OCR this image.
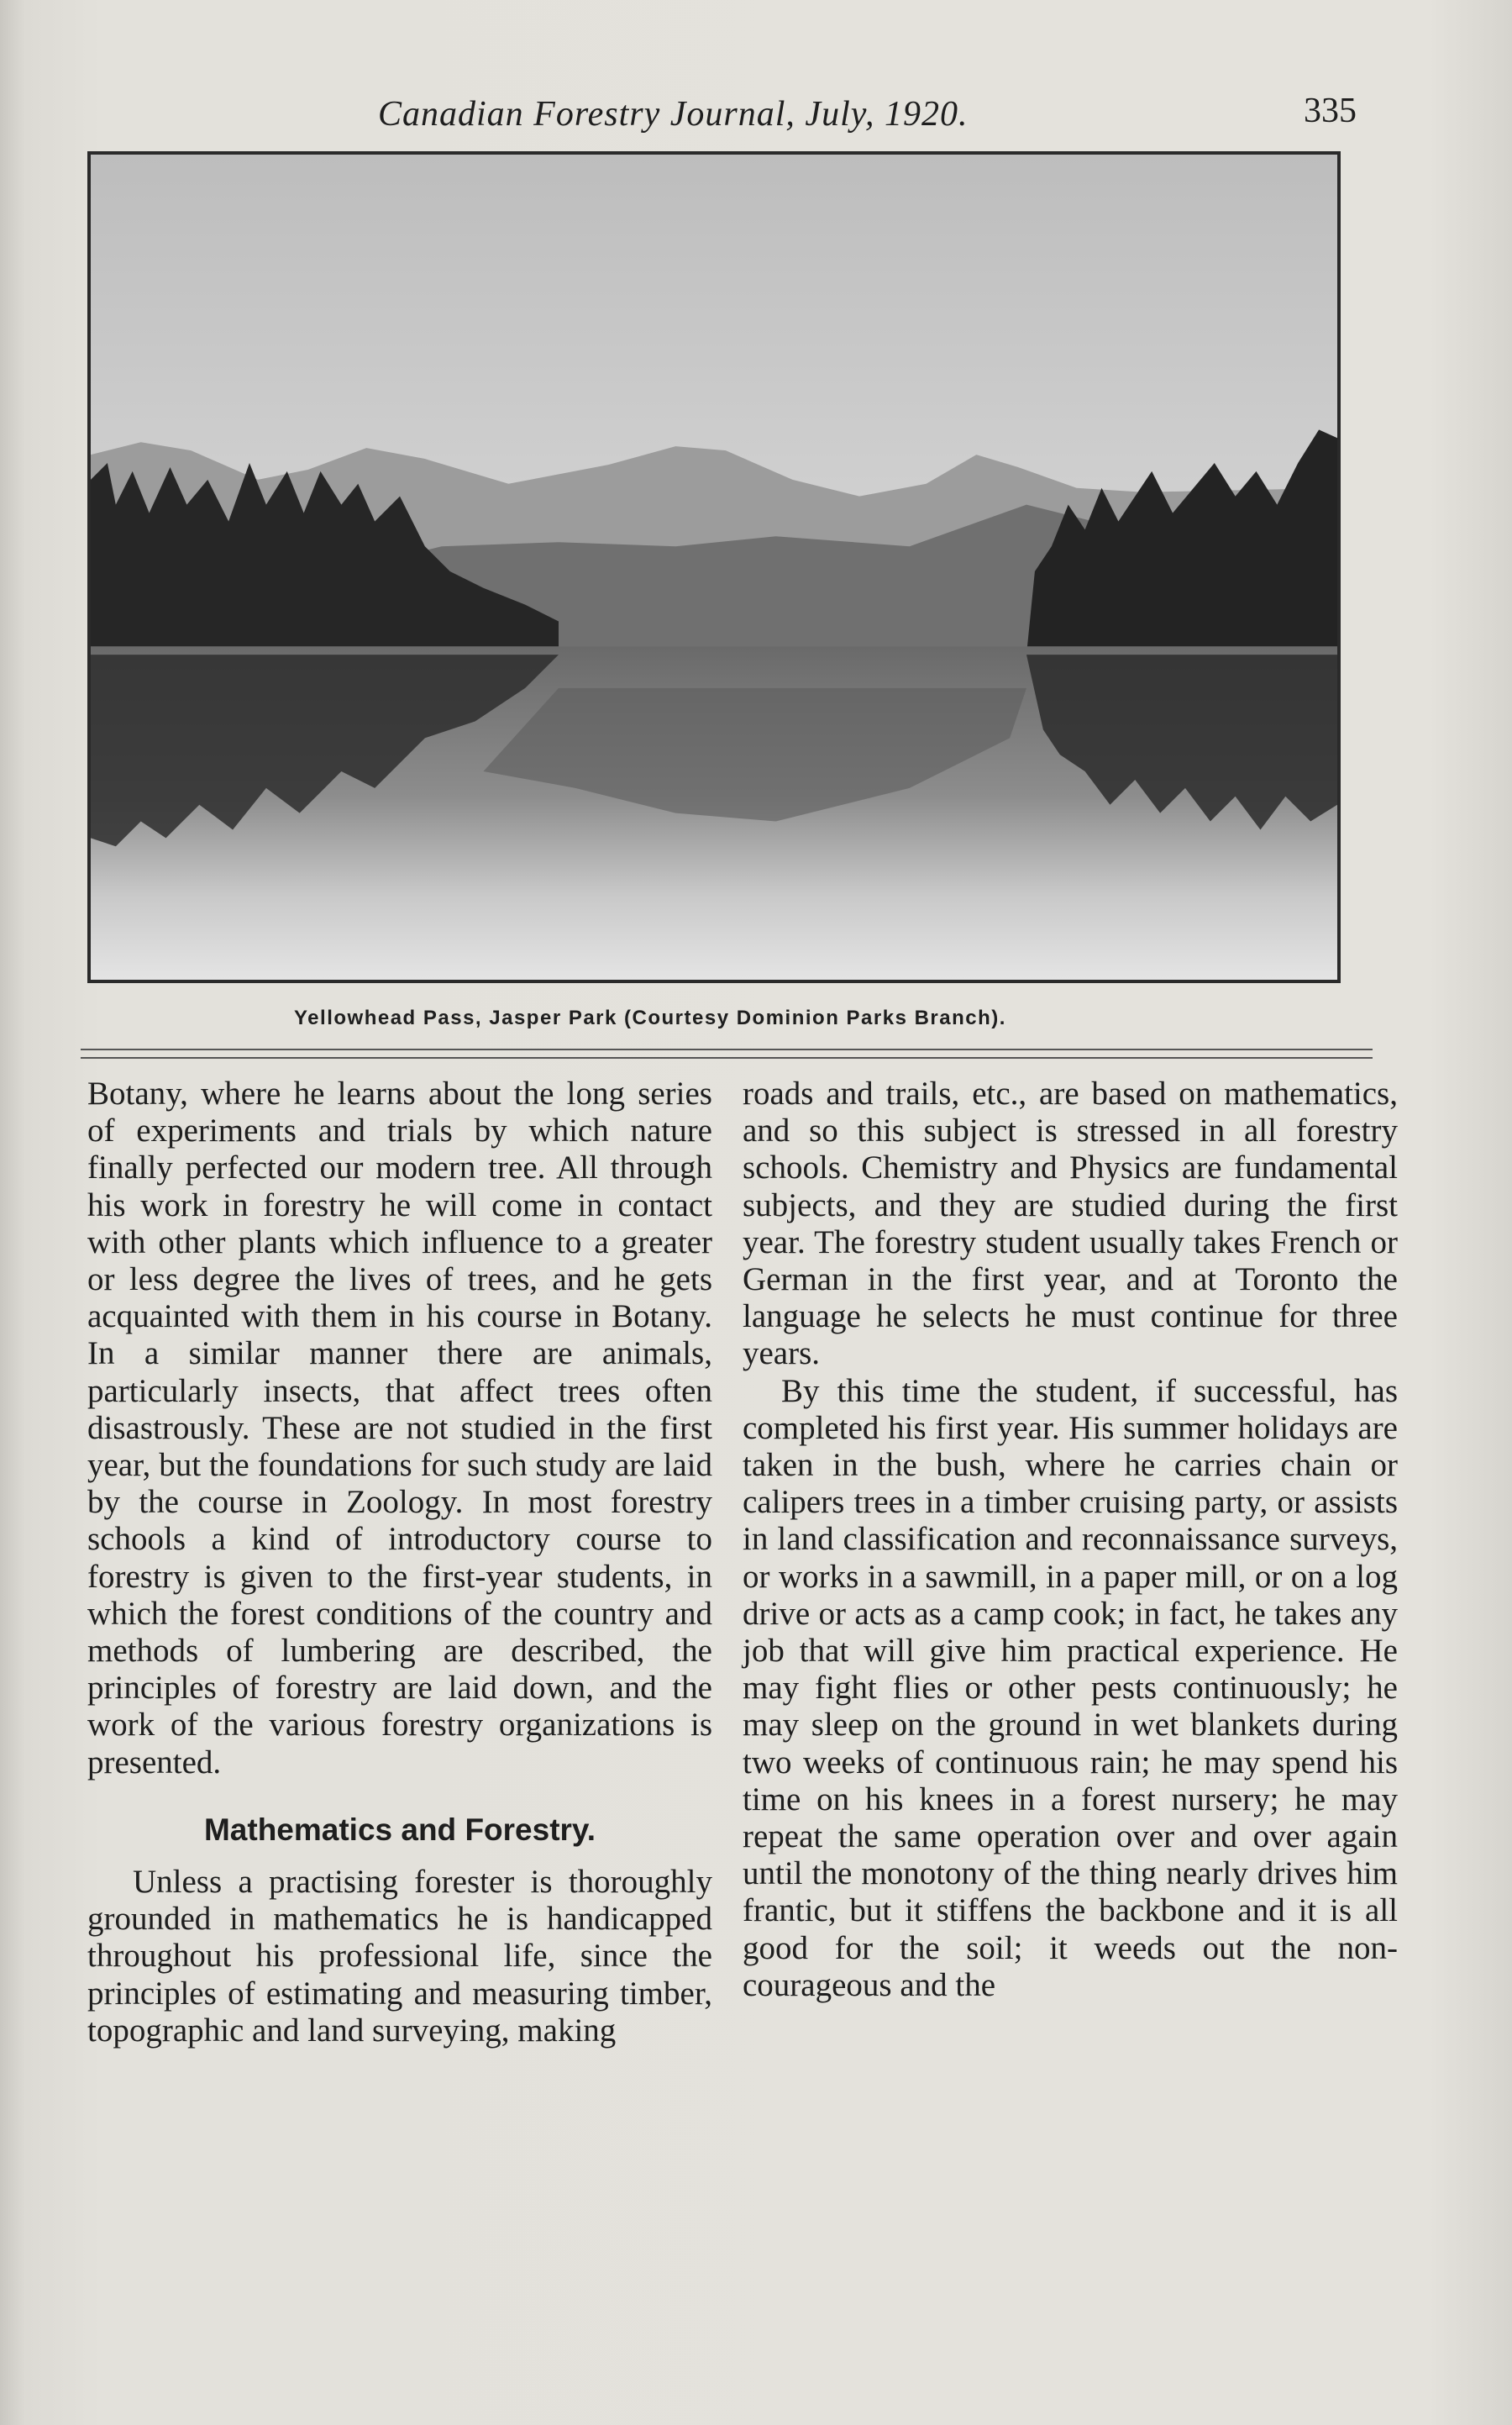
Canadian Forestry Journal, July, 1920.	335
Yellowhead Pass, Jasper Park (Courtesy Dominion Parks Branch).

Botany, where he learns about the long series of experiments and trials by which nature finally perfected our modern tree. All through his work in forestry he will come in contact with other plants which influence to a greater or less degree the lives of trees, and he gets acquainted with them in his course in Botany. In a similar manner there are animals, particularly insects, that affect trees often disastrously. These are not studied in the first year, but the foundations for such study are laid by the course in Zoology. In most forestry schools a kind of introductory course to forestry is given to the first-year students, in which the forest conditions of the country and methods of lumbering are described, the principles of forestry are laid down, and the work of the various forestry organizations is presented.

Mathematics and Forestry.

Unless a practising forester is thoroughly grounded in mathematics he is handicapped throughout his professional life, since the principles of estimating and measuring timber, topographic and land surveying, making

roads and trails, etc., are based on mathematics, and so this subject is stressed in all forestry schools. Chemistry and Physics are fundamental subjects, and they are studied during the first year. The forestry student usually takes French or German in the first year, and at Toronto the language he selects he must continue for three years.

By this time the student, if successful, has completed his first year. His summer holidays are taken in the bush, where he carries chain or calipers trees in a timber cruising party, or assists in land classification and reconnaissance surveys, or works in a sawmill, in a paper mill, or on a log drive or acts as a camp cook; in fact, he takes any job that will give him practical experience. He may fight flies or other pests continuously; he may sleep on the ground in wet blankets during two weeks of continuous rain; he may spend his time on his knees in a forest nursery; he may repeat the same operation over and over again until the monotony of the thing nearly drives him frantic, but it stiffens the backbone and it is all good for the soil; it weeds out the non-courageous and the
